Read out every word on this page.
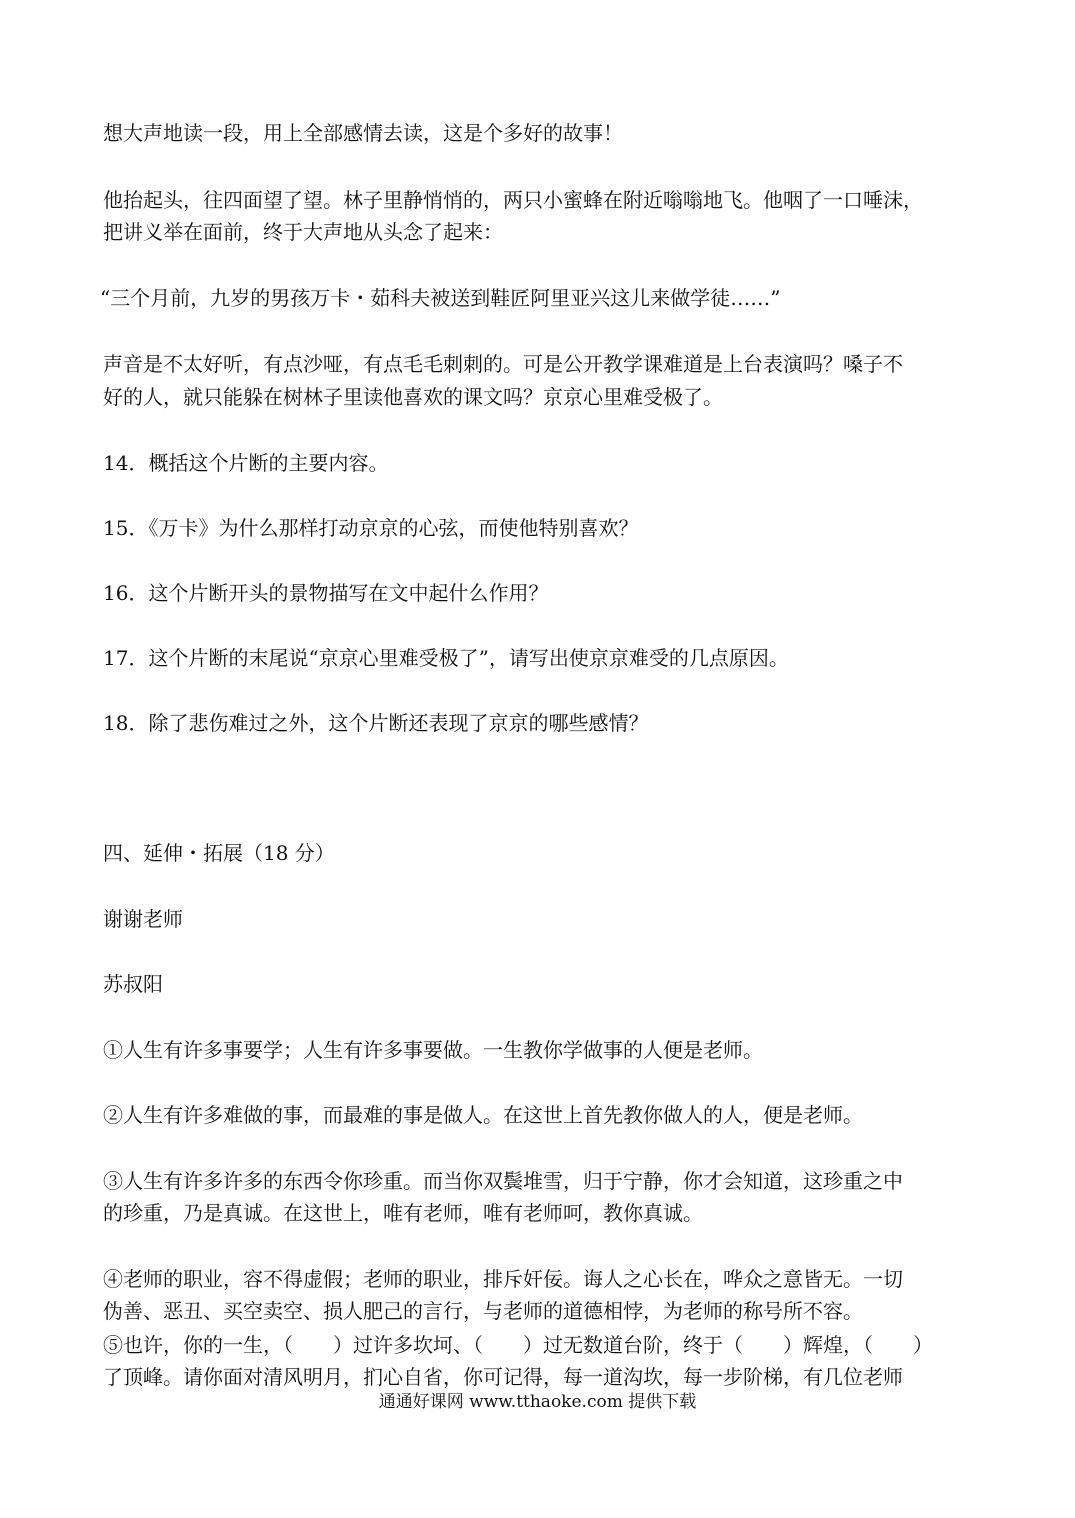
想大声地读一段，用上全部感情去读，这是个多好的故事！

他抬起头，往四面望了望。林子里静悄悄的，两只小蜜蜂在附近嗡嗡地飞。他咽了一口唾沫，

把讲义举在面前，终于大声地从头念了起来：

“三个月前，九岁的男孩万卡・茹科夫被送到鞋匠阿里亚兴这儿来做学徒……”

声音是不太好听，有点沙哑，有点毛毛刺刺的。可是公开教学课难道是上台表演吗？嗓子不

好的人，就只能躲在树林子里读他喜欢的课文吗？京京心里难受极了。

14．概括这个片断的主要内容。

15．《万卡》为什么那样打动京京的心弦，而使他特别喜欢？

16．这个片断开头的景物描写在文中起什么作用？

17．这个片断的末尾说“京京心里难受极了”，请写出使京京难受的几点原因。

18．除了悲伤难过之外，这个片断还表现了京京的哪些感情？

四、延伸・拓展（18 分）

谢谢老师

苏叔阳

①人生有许多事要学；人生有许多事要做。一生教你学做事的人便是老师。

②人生有许多难做的事，而最难的事是做人。在这世上首先教你做人的人，便是老师。

③人生有许多许多的东西令你珍重。而当你双鬓堆雪，归于宁静，你才会知道，这珍重之中

的珍重，乃是真诚。在这世上，唯有老师，唯有老师呵，教你真诚。

④老师的职业，容不得虚假；老师的职业，排斥奸佞。诲人之心长在，哗众之意皆无。一切

伪善、恶丑、买空卖空、损人肥己的言行，与老师的道德相悖，为老师的称号所不容。

⑤也许，你的一生，（　　）过许多坎坷、（　　）过无数道台阶，终于（　　）辉煌，（　　）

了顶峰。请你面对清风明月，扪心自省，你可记得，每一道沟坎，每一步阶梯，有几位老师

通通好课网 www.tthaoke.com 提供下载
